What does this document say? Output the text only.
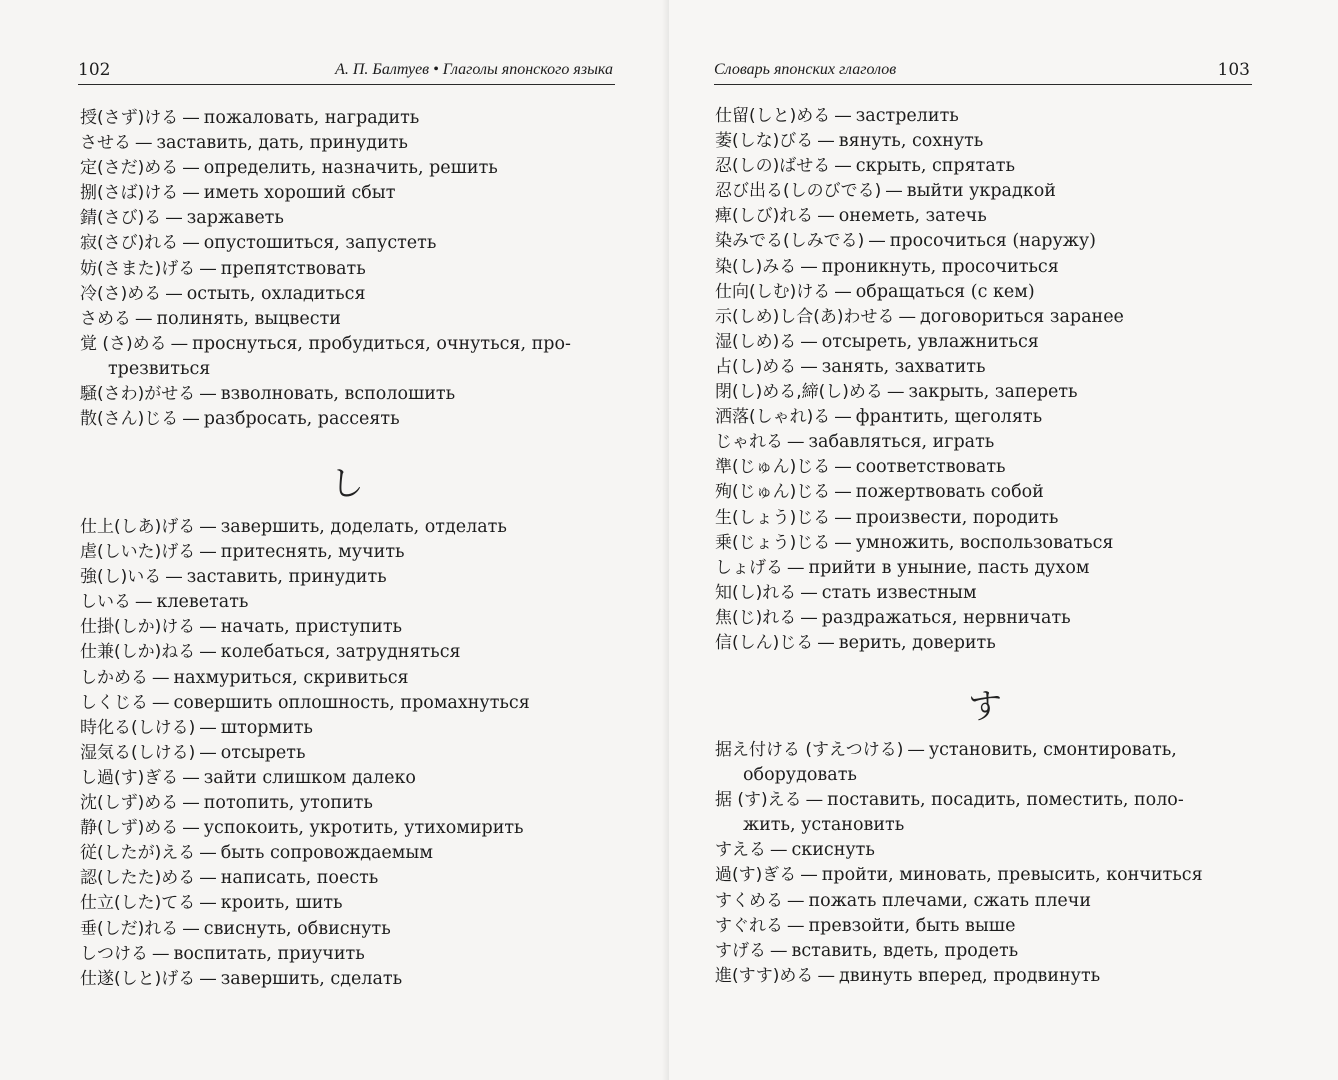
102	А. П. Балтуев • Глаголы японского языка
授(さず)ける — пожаловать, наградить
させる — заставить, дать, принудить
定(さだ)める — определить, назначить, решить
捌(さば)ける — иметь хороший сбыт
錆(さび)る — заржаветь
寂(さび)れる — опустошиться, запустеть
妨(さまた)げる — препятствовать
冷(さ)める — остыть, охладиться
さめる — полинять, выцвести
覚 (さ)める — проснуться, пробудиться, очнуться, про-
трезвиться
騒(さわ)がせる — взволновать, всполошить
散(さん)じる — разбросать, рассеять
し
仕上(しあ)げる — завершить, доделать, отделать
虐(しいた)げる — притеснять, мучить
強(し)いる — заставить, принудить
しいる — клеветать
仕掛(しか)ける — начать, приступить
仕兼(しか)ねる — колебаться, затрудняться
しかめる — нахмуриться, скривиться
しくじる — совершить оплошность, промахнуться
時化る(しける) — штормить
湿気る(しける) — отсыреть
し過(す)ぎる — зайти слишком далеко
沈(しず)める — потопить, утопить
静(しず)める — успокоить, укротить, утихомирить
従(したが)える — быть сопровождаемым
認(したた)める — написать, поесть
仕立(した)てる — кроить, шить
垂(しだ)れる — свиснуть, обвиснуть
しつける — воспитать, приучить
仕遂(しと)げる — завершить, сделать
Словарь японских глаголов	103
仕留(しと)める — застрелить
萎(しな)びる — вянуть, сохнуть
忍(しの)ばせる — скрыть, спрятать
忍び出る(しのびでる) — выйти украдкой
痺(しび)れる — онеметь, затечь
染みでる(しみでる) — просочиться (наружу)
染(し)みる — проникнуть, просочиться
仕向(しむ)ける — обращаться (с кем)
示(しめ)し合(あ)わせる — договориться заранее
湿(しめ)る — отсыреть, увлажниться
占(し)める — занять, захватить
閉(し)める,締(し)める — закрыть, запереть
洒落(しゃれ)る — франтить, щеголять
じゃれる — забавляться, играть
準(じゅん)じる — соответствовать
殉(じゅん)じる — пожертвовать собой
生(しょう)じる — произвести, породить
乗(じょう)じる — умножить, воспользоваться
しょげる — прийти в уныние, пасть духом
知(し)れる — стать известным
焦(じ)れる — раздражаться, нервничать
信(しん)じる — верить, доверить
す
据え付ける (すえつける) — установить, смонтировать,
оборудовать
据 (す)える — поставить, посадить, поместить, поло-
жить, установить
すえる — скиснуть
過(す)ぎる — пройти, миновать, превысить, кончиться
すくめる — пожать плечами, сжать плечи
すぐれる — превзойти, быть выше
すげる — вставить, вдеть, продеть
進(すす)める — двинуть вперед, продвинуть
